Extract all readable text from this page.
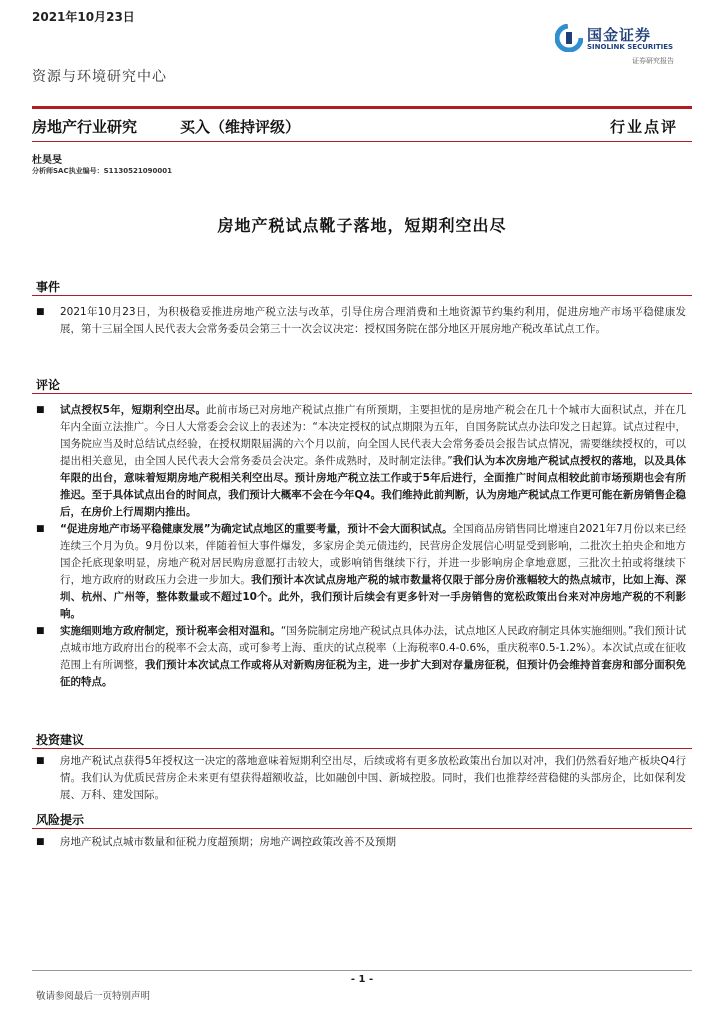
2021年10月23日
国金证券
SINOLINK SECURITIES
证券研究报告
资源与环境研究中心
房地产行业研究	买入（维持评级）	行业点评
杜昊旻
分析师SAC执业编号：S1130521090001
房地产税试点靴子落地，短期利空出尽
事件
■	2021年10月23日，为积极稳妥推进房地产税立法与改革，引导住房合理消费和土地资源节约集约利用，促进房地产市场平稳健康发展，第十三届全国人民代表大会常务委员会第三十一次会议决定：授权国务院在部分地区开展房地产税改革试点工作。
评论
■	试点授权5年，短期利空出尽。此前市场已对房地产税试点推广有所预期，主要担忧的是房地产税会在几十个城市大面积试点，并在几年内全面立法推广。今日人大常委会会议上的表述为：“本决定授权的试点期限为五年，自国务院试点办法印发之日起算。试点过程中，国务院应当及时总结试点经验，在授权期限届满的六个月以前，向全国人民代表大会常务委员会报告试点情况，需要继续授权的，可以提出相关意见，由全国人民代表大会常务委员会决定。条件成熟时，及时制定法律。”我们认为本次房地产税试点授权的落地，以及具体年限的出台，意味着短期房地产税相关利空出尽。预计房地产税立法工作或于5年后进行，全面推广时间点相较此前市场预期也会有所推迟。至于具体试点出台的时间点，我们预计大概率不会在今年Q4。我们维持此前判断，认为房地产税试点工作更可能在新房销售企稳后，在房价上行周期内推出。
■	“促进房地产市场平稳健康发展”为确定试点地区的重要考量，预计不会大面积试点。全国商品房销售同比增速自2021年7月份以来已经连续三个月为负。9月份以来，伴随着恒大事件爆发，多家房企美元债违约，民营房企发展信心明显受到影响，二批次土拍央企和地方国企托底现象明显，房地产税对居民购房意愿打击较大，或影响销售继续下行，并进一步影响房企拿地意愿，三批次土拍或将继续下行，地方政府的财政压力会进一步加大。我们预计本次试点房地产税的城市数量将仅限于部分房价涨幅较大的热点城市，比如上海、深圳、杭州、广州等，整体数量或不超过10个。此外，我们预计后续会有更多针对一手房销售的宽松政策出台来对冲房地产税的不利影响。
■	实施细则地方政府制定，预计税率会相对温和。“国务院制定房地产税试点具体办法，试点地区人民政府制定具体实施细则。”我们预计试点城市地方政府出台的税率不会太高，或可参考上海、重庆的试点税率（上海税率0.4-0.6%，重庆税率0.5-1.2%）。本次试点或在征收范围上有所调整，我们预计本次试点工作或将从对新购房征税为主，进一步扩大到对存量房征税，但预计仍会维持首套房和部分面积免征的特点。
投资建议
■	房地产税试点获得5年授权这一决定的落地意味着短期利空出尽，后续或将有更多放松政策出台加以对冲，我们仍然看好地产板块Q4行情。我们认为优质民营房企未来更有望获得超额收益，比如融创中国、新城控股。同时，我们也推荐经营稳健的头部房企，比如保利发展、万科、建发国际。
风险提示
■	房地产税试点城市数量和征税力度超预期；房地产调控政策改善不及预期
- 1 -
敬请参阅最后一页特别声明
